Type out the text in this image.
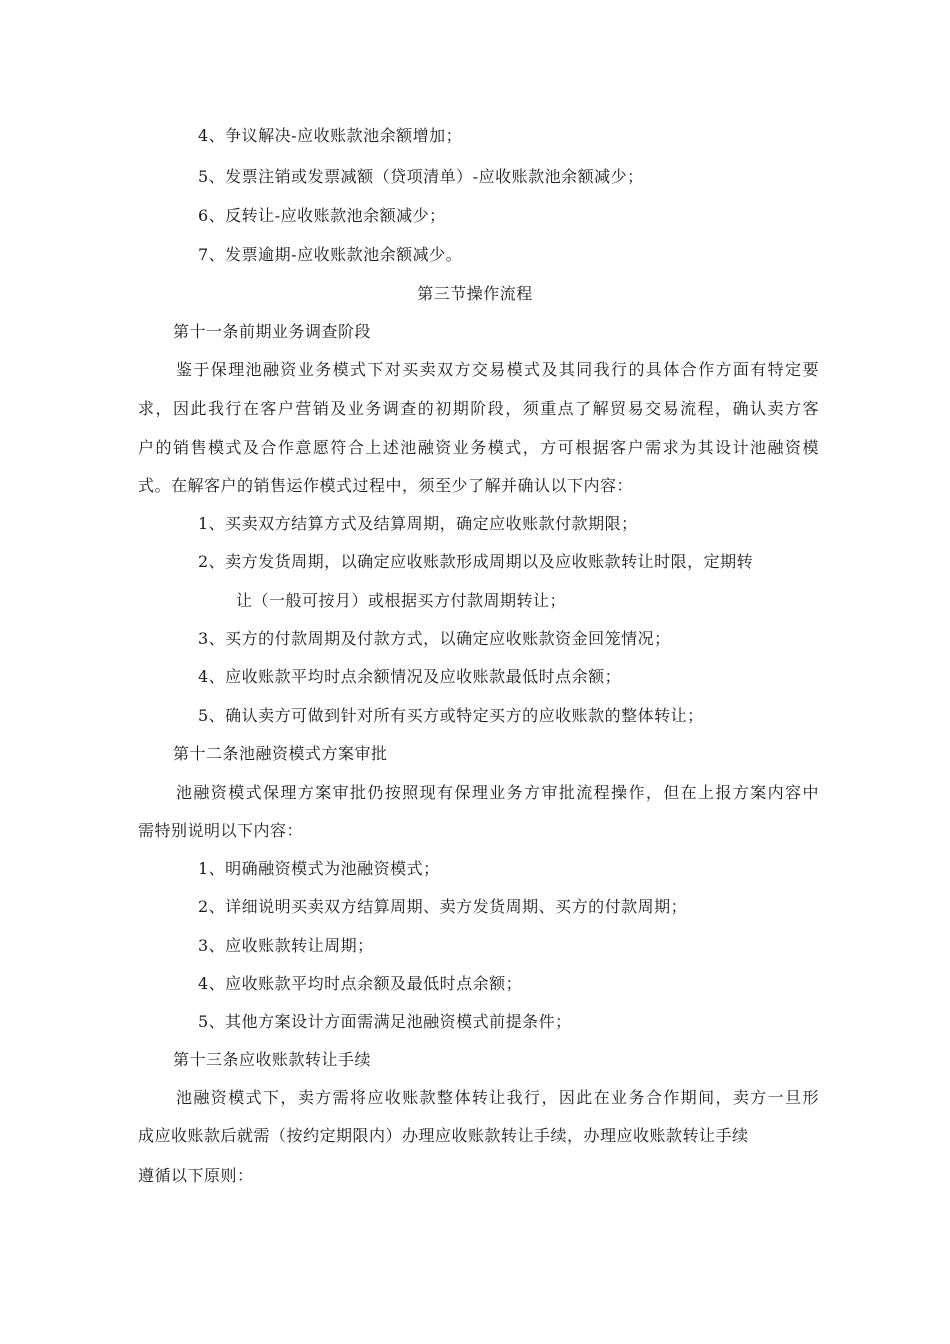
4、争议解决-应收账款池余额增加；
5、发票注销或发票减额（贷项清单）-应收账款池余额减少；
6、反转让-应收账款池余额减少；
7、发票逾期-应收账款池余额减少。
第三节操作流程
第十一条前期业务调查阶段
鉴于保理池融资业务模式下对买卖双方交易模式及其同我行的具体合作方面有特定要
求，因此我行在客户营销及业务调查的初期阶段，须重点了解贸易交易流程，确认卖方客
户的销售模式及合作意愿符合上述池融资业务模式，方可根据客户需求为其设计池融资模
式。在解客户的销售运作模式过程中，须至少了解并确认以下内容：
1、买卖双方结算方式及结算周期，确定应收账款付款期限；
2、卖方发货周期，以确定应收账款形成周期以及应收账款转让时限，定期转
让（一般可按月）或根据买方付款周期转让；
3、买方的付款周期及付款方式，以确定应收账款资金回笼情况；
4、应收账款平均时点余额情况及应收账款最低时点余额；
5、确认卖方可做到针对所有买方或特定买方的应收账款的整体转让；
第十二条池融资模式方案审批
池融资模式保理方案审批仍按照现有保理业务方审批流程操作，但在上报方案内容中
需特别说明以下内容：
1、明确融资模式为池融资模式；
2、详细说明买卖双方结算周期、卖方发货周期、买方的付款周期；
3、应收账款转让周期；
4、应收账款平均时点余额及最低时点余额；
5、其他方案设计方面需满足池融资模式前提条件；
第十三条应收账款转让手续
池融资模式下，卖方需将应收账款整体转让我行，因此在业务合作期间，卖方一旦形
成应收账款后就需（按约定期限内）办理应收账款转让手续，办理应收账款转让手续
遵循以下原则：
